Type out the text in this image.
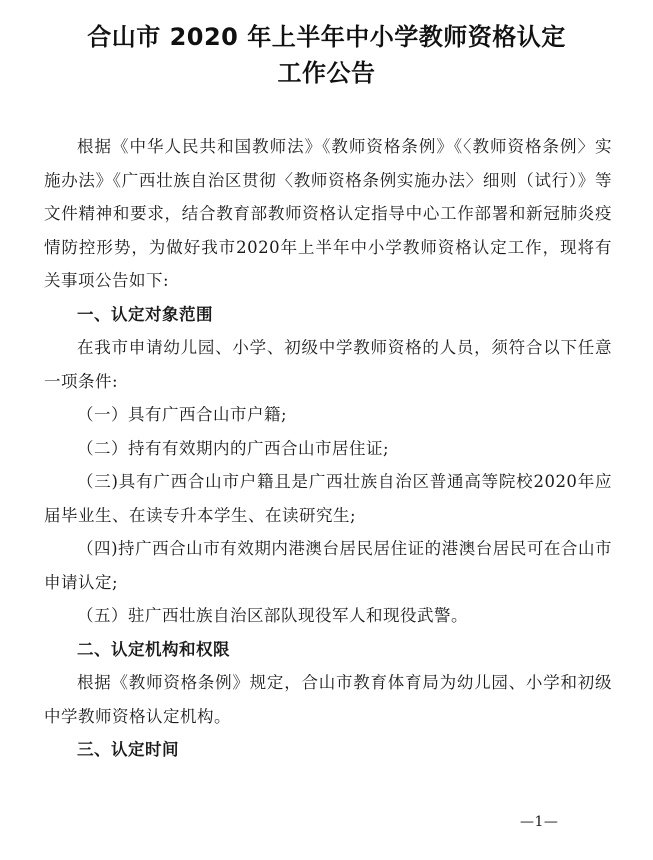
合山市 2020 年上半年中小学教师资格认定
工作公告

根据《中华人民共和国教师法》《教师资格条例》《〈教师资格条例〉实施办法》《广西壮族自治区贯彻〈教师资格条例实施办法〉细则（试行）》等文件精神和要求，结合教育部教师资格认定指导中心工作部署和新冠肺炎疫情防控形势，为做好我市2020年上半年中小学教师资格认定工作，现将有关事项公告如下:

一、认定对象范围

在我市申请幼儿园、小学、初级中学教师资格的人员，须符合以下任意一项条件:

（一）具有广西合山市户籍;

（二）持有有效期内的广西合山市居住证;

（三)具有广西合山市户籍且是广西壮族自治区普通高等院校2020年应届毕业生、在读专升本学生、在读研究生;

（四)持广西合山市有效期内港澳台居民居住证的港澳台居民可在合山市申请认定;

（五）驻广西壮族自治区部队现役军人和现役武警。

二、认定机构和权限

根据《教师资格条例》规定，合山市教育体育局为幼儿园、小学和初级中学教师资格认定机构。

三、认定时间

—1—
